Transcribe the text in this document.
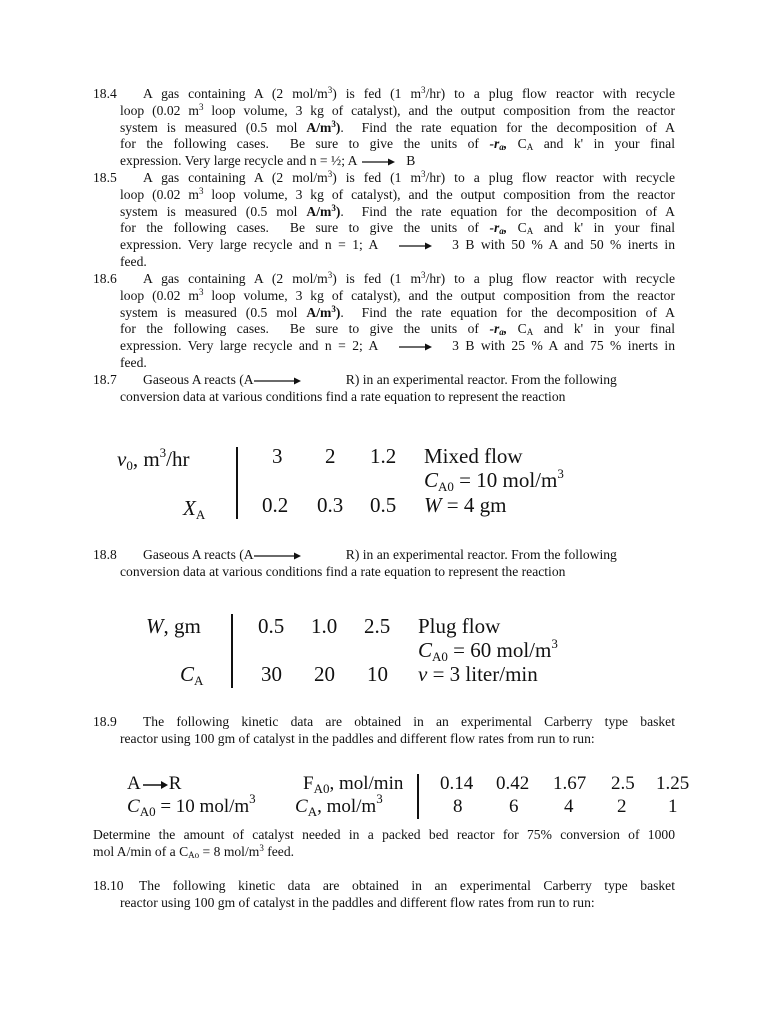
18.4 A gas containing A (2 mol/$m^3$) is fed (1 $m^3/hr$) to a plug flow reactor with recycle
loop (0.02 $m^3$ loop volume, 3 kg of catalyst), and the output composition from the reactor
system is measured (0.5 mol $A/m^3$).  Find the rate equation for the decomposition of A
for the following cases.  Be sure to give the units of $-r_a$, $C_A$ and k' in your final
expression. Very large recycle and n = ½; A → B
18.5 A gas containing A (2 mol/$m^3$) is fed (1 $m^3/hr$) to a plug flow reactor with recycle
loop (0.02 $m^3$ loop volume, 3 kg of catalyst), and the output composition from the reactor
system is measured (0.5 mol $A/m^3$).  Find the rate equation for the decomposition of A
for the following cases.  Be sure to give the units of $-r_a$, $C_A$ and k' in your final
expression. Very large recycle and n = 1; A → 3 B with 50 % A and 50 % inerts in
feed.
18.6 A gas containing A (2 mol/$m^3$) is fed (1 $m^3/hr$) to a plug flow reactor with recycle
loop (0.02 $m^3$ loop volume, 3 kg of catalyst), and the output composition from the reactor
system is measured (0.5 mol $A/m^3$).  Find the rate equation for the decomposition of A
for the following cases.  Be sure to give the units of $-r_a$, $C_A$ and k' in your final
expression. Very large recycle and n = 2; A → 3 B with 25 % A and 75 % inerts in
feed.
18.7 Gaseous A reacts (A→ R) in an experimental reactor. From the following
conversion data at various conditions find a rate equation to represent the reaction
$v_0$, $m^3/hr$
$X_A$
3 2 1.2
0.2 0.3 0.5
Mixed flow
$C_{A0} = 10$ mol/$m^3$
W = 4 gm
18.8 Gaseous A reacts (A→ R) in an experimental reactor. From the following
conversion data at various conditions find a rate equation to represent the reaction
W, gm
$C_A$
0.5 1.0 2.5
30 20 10
Plug flow
$C_{A0} = 60$ mol/$m^3$
v = 3 liter/min
18.9 The following kinetic data are obtained in an experimental Carberry type basket
reactor using 100 gm of catalyst in the paddles and different flow rates from run to run:
A→R
$C_{A0} = 10$ mol/$m^3$
$F_{A0}$, mol/min
$C_A$, mol/$m^3$
0.14 0.42 1.67 2.5 1.25
8 6 4 2 1
Determine the amount of catalyst needed in a packed bed reactor for 75% conversion of 1000
mol A/min of a $C_{Ao} = 8$ mol/$m^3$ feed.
18.10 The following kinetic data are obtained in an experimental Carberry type basket
reactor using 100 gm of catalyst in the paddles and different flow rates from run to run:
